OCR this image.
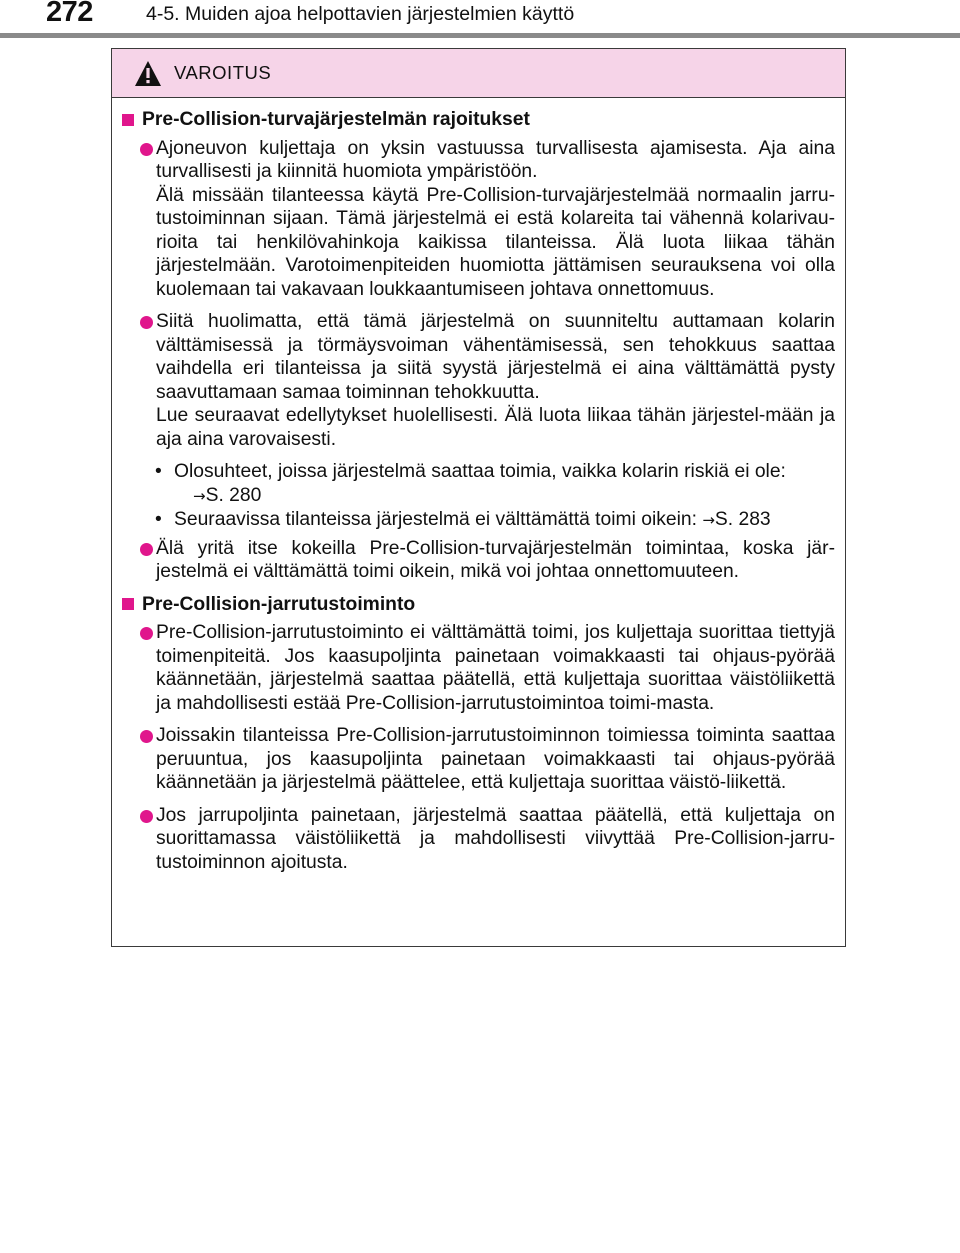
272	4-5. Muiden ajoa helpottavien järjestelmien käyttö
VAROITUS
Pre-Collision-turvajärjestelmän rajoitukset
Ajoneuvon kuljettaja on yksin vastuussa turvallisesta ajamisesta. Aja aina turvallisesti ja kiinnitä huomiota ympäristöön.
Älä missään tilanteessa käytä Pre-Collision-turvajärjestelmää normaalin jarru-tustoiminnan sijaan. Tämä järjestelmä ei estä kolareita tai vähennä kolarivau-rioita tai henkilövahinkoja kaikissa tilanteissa. Älä luota liikaa tähän järjestelmään. Varotoimenpiteiden huomiotta jättämisen seurauksena voi olla kuolemaan tai vakavaan loukkaantumiseen johtava onnettomuus.
Siitä huolimatta, että tämä järjestelmä on suunniteltu auttamaan kolarin välttämisessä ja törmäysvoiman vähentämisessä, sen tehokkuus saattaa vaihdella eri tilanteissa ja siitä syystä järjestelmä ei aina välttämättä pysty saavuttamaan samaa toiminnan tehokkuutta.
Lue seuraavat edellytykset huolellisesti. Älä luota liikaa tähän järjestel-mään ja aja aina varovaisesti.
• Olosuhteet, joissa järjestelmä saattaa toimia, vaikka kolarin riskiä ei ole:
→S. 280
• Seuraavissa tilanteissa järjestelmä ei välttämättä toimi oikein: →S. 283
Älä yritä itse kokeilla Pre-Collision-turvajärjestelmän toimintaa, koska jär-jestelmä ei välttämättä toimi oikein, mikä voi johtaa onnettomuuteen.
Pre-Collision-jarrutustoiminto
Pre-Collision-jarrutustoiminto ei välttämättä toimi, jos kuljettaja suorittaa tiettyjä toimenpiteitä. Jos kaasupoljinta painetaan voimakkaasti tai ohjaus-pyörää käännetään, järjestelmä saattaa päätellä, että kuljettaja suorittaa väistöliikettä ja mahdollisesti estää Pre-Collision-jarrutustoimintoa toimi-masta.
Joissakin tilanteissa Pre-Collision-jarrutustoiminnon toimiessa toiminta saattaa peruuntua, jos kaasupoljinta painetaan voimakkaasti tai ohjaus-pyörää käännetään ja järjestelmä päättelee, että kuljettaja suorittaa väistö-liikettä.
Jos jarrupoljinta painetaan, järjestelmä saattaa päätellä, että kuljettaja on suorittamassa väistöliikettä ja mahdollisesti viivyttää Pre-Collision-jarru-tustoiminnon ajoitusta.
